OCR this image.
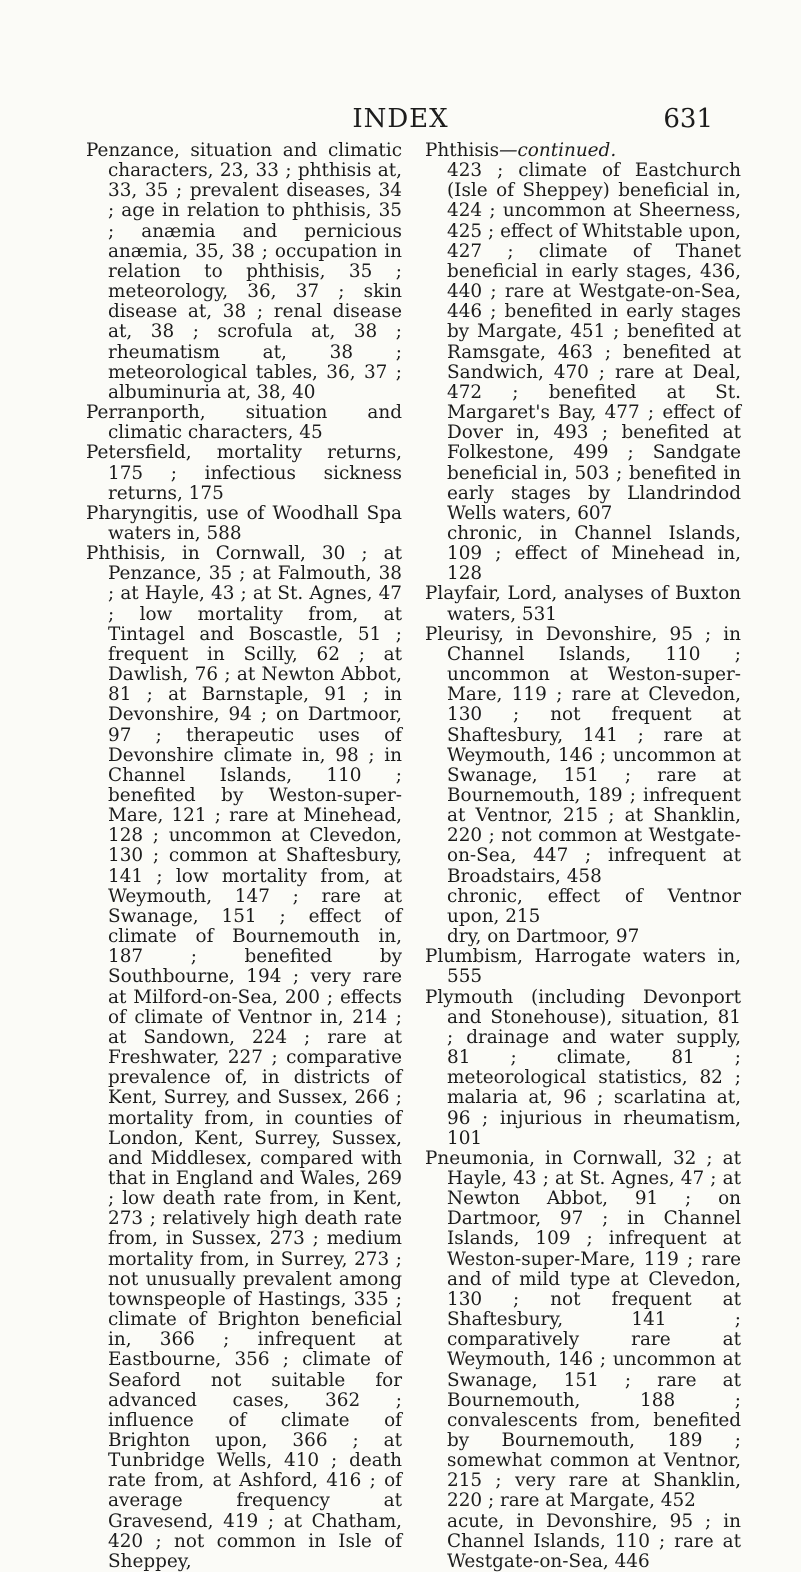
INDEX	631

Penzance, situation and climatic characters, 23, 33 ; phthisis at, 33, 35 ; prevalent diseases, 34 ; age in relation to phthisis, 35 ; anæmia and pernicious anæmia, 35, 38 ; occupation in relation to phthisis, 35 ; meteorology, 36, 37 ; skin disease at, 38 ; renal disease at, 38 ; scrofula at, 38 ; rheumatism at, 38 ; meteorological tables, 36, 37 ; albuminuria at, 38, 40

Perranporth, situation and climatic characters, 45

Petersfield, mortality returns, 175 ; infectious sickness returns, 175

Pharyngitis, use of Woodhall Spa waters in, 588

Phthisis, in Cornwall, 30 ; at Penzance, 35 ; at Falmouth, 38 ; at Hayle, 43 ; at St. Agnes, 47 ; low mortality from, at Tintagel and Boscastle, 51 ; frequent in Scilly, 62 ; at Dawlish, 76 ; at Newton Abbot, 81 ; at Barnstaple, 91 ; in Devonshire, 94 ; on Dartmoor, 97 ; therapeutic uses of Devonshire climate in, 98 ; in Channel Islands, 110 ; benefited by Weston-super-Mare, 121 ; rare at Minehead, 128 ; uncommon at Clevedon, 130 ; common at Shaftesbury, 141 ; low mortality from, at Weymouth, 147 ; rare at Swanage, 151 ; effect of climate of Bournemouth in, 187 ; benefited by Southbourne, 194 ; very rare at Milford-on-Sea, 200 ; effects of climate of Ventnor in, 214 ; at Sandown, 224 ; rare at Freshwater, 227 ; comparative prevalence of, in districts of Kent, Surrey, and Sussex, 266 ; mortality from, in counties of London, Kent, Surrey, Sussex, and Middlesex, compared with that in England and Wales, 269 ; low death rate from, in Kent, 273 ; relatively high death rate from, in Sussex, 273 ; medium mortality from, in Surrey, 273 ; not unusually prevalent among townspeople of Hastings, 335 ; climate of Brighton beneficial in, 366 ; infrequent at Eastbourne, 356 ; climate of Seaford not suitable for advanced cases, 362 ; influence of climate of Brighton upon, 366 ; at Tunbridge Wells, 410 ; death rate from, at Ashford, 416 ; of average frequency at Gravesend, 419 ; at Chatham, 420 ; not common in Isle of Sheppey,

Phthisis—continued.

423 ; climate of Eastchurch (Isle of Sheppey) beneficial in, 424 ; uncommon at Sheerness, 425 ; effect of Whitstable upon, 427 ; climate of Thanet beneficial in early stages, 436, 440 ; rare at Westgate-on-Sea, 446 ; benefited in early stages by Margate, 451 ; benefited at Ramsgate, 463 ; benefited at Sandwich, 470 ; rare at Deal, 472 ; benefited at St. Margaret's Bay, 477 ; effect of Dover in, 493 ; benefited at Folkestone, 499 ; Sandgate beneficial in, 503 ; benefited in early stages by Llandrindod Wells waters, 607

chronic, in Channel Islands, 109 ; effect of Minehead in, 128

Playfair, Lord, analyses of Buxton waters, 531

Pleurisy, in Devonshire, 95 ; in Channel Islands, 110 ; uncommon at Weston-super-Mare, 119 ; rare at Clevedon, 130 ; not frequent at Shaftesbury, 141 ; rare at Weymouth, 146 ; uncommon at Swanage, 151 ; rare at Bournemouth, 189 ; infrequent at Ventnor, 215 ; at Shanklin, 220 ; not common at Westgate-on-Sea, 447 ; infrequent at Broadstairs, 458

chronic, effect of Ventnor upon, 215

dry, on Dartmoor, 97

Plumbism, Harrogate waters in, 555

Plymouth (including Devonport and Stonehouse), situation, 81 ; drainage and water supply, 81 ; climate, 81 ; meteorological statistics, 82 ; malaria at, 96 ; scarlatina at, 96 ; injurious in rheumatism, 101

Pneumonia, in Cornwall, 32 ; at Hayle, 43 ; at St. Agnes, 47 ; at Newton Abbot, 91 ; on Dartmoor, 97 ; in Channel Islands, 109 ; infrequent at Weston-super-Mare, 119 ; rare and of mild type at Clevedon, 130 ; not frequent at Shaftesbury, 141 ; comparatively rare at Weymouth, 146 ; uncommon at Swanage, 151 ; rare at Bournemouth, 188 ; convalescents from, benefited by Bournemouth, 189 ; somewhat common at Ventnor, 215 ; very rare at Shanklin, 220 ; rare at Margate, 452

acute, in Devonshire, 95 ; in Channel Islands, 110 ; rare at Westgate-on-Sea, 446
